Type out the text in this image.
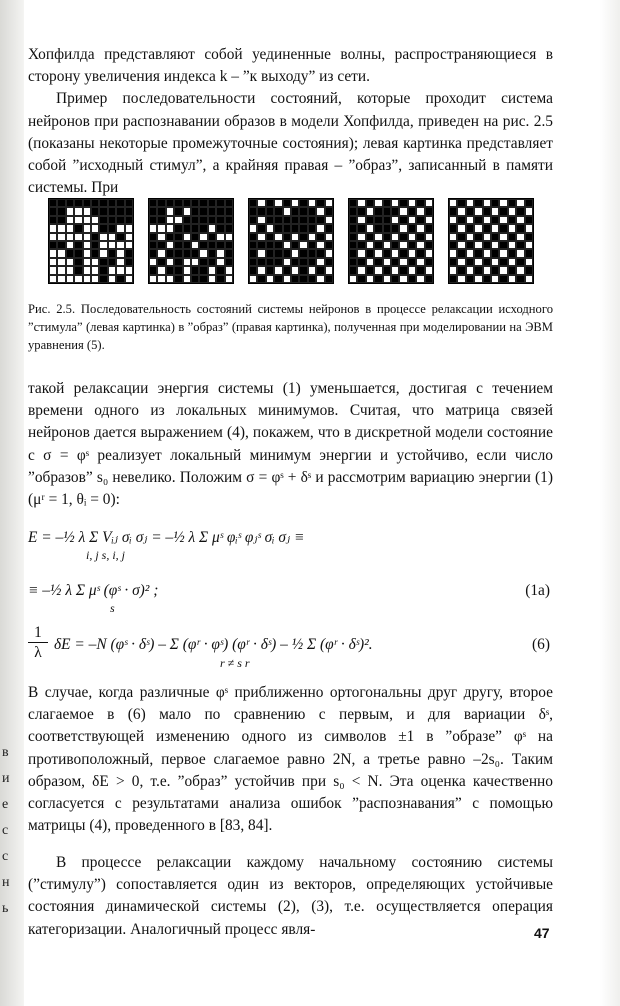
Хопфилда представляют собой уединенные волны, распространяющиеся в сторону увеличения индекса k – ”к выходу” из сети.

Пример последовательности состояний, которые проходит система нейронов при распознавании образов в модели Хопфилда, приведен на рис. 2.5 (показаны некоторые промежуточные состояния); левая картинка представляет собой ”исходный стимул”, а крайняя правая – ”образ”, записанный в памяти системы. При

Рис. 2.5. Последовательность состояний системы нейронов в процессе релаксации исходного ”стимула” (левая картинка) в ”образ” (правая картинка), полученная при моделировании на ЭВМ уравнения (5).

такой релаксации энергия системы (1) уменьшается, достигая с течением времени одного из локальных минимумов. Считая, что матрица связей нейронов дается выражением (4), покажем, что в дискретной модели состояние с σ = φˢ реализует локальный минимум энергии и устойчиво, если число ”образов” s₀ невелико. Положим σ = φˢ + δˢ и рассмотрим вариацию энергии (1) (μʳ = 1, θᵢ = 0):

E = –½ λ Σ Vᵢⱼ σᵢ σⱼ = –½ λ Σ μˢ φᵢˢ φⱼˢ σᵢ σⱼ ≡
i, j s, i, j
≡ –½ λ Σ μˢ (φˢ · σ)² ;
s
(1a)
$\frac{1}{\lambda}$ δE = –N (φˢ · δˢ) – Σ (φʳ · φˢ) (φʳ · δˢ) – ½ Σ (φʳ · δˢ)².
r ≠ s r
(6)

В случае, когда различные φˢ приближенно ортогональны друг другу, второе слагаемое в (6) мало по сравнению с первым, и для вариации δˢ, соответствующей изменению одного из символов ±1 в ”образе” φˢ на противоположный, первое слагаемое равно 2N, а третье равно –2s₀. Таким образом, δE > 0, т.е. ”образ” устойчив при s₀ < N. Эта оценка качественно согласуется с результатами анализа ошибок ”распознавания” с помощью матрицы (4), проведенного в [83, 84].

В процессе релаксации каждому начальному состоянию системы (”стимулу”) сопоставляется один из векторов, определяющих устойчивые состояния динамической системы (2), (3), т.е. осуществляется операция категоризации. Аналогичный процесс явля-

в
и
е
с
с
н
ь
47
